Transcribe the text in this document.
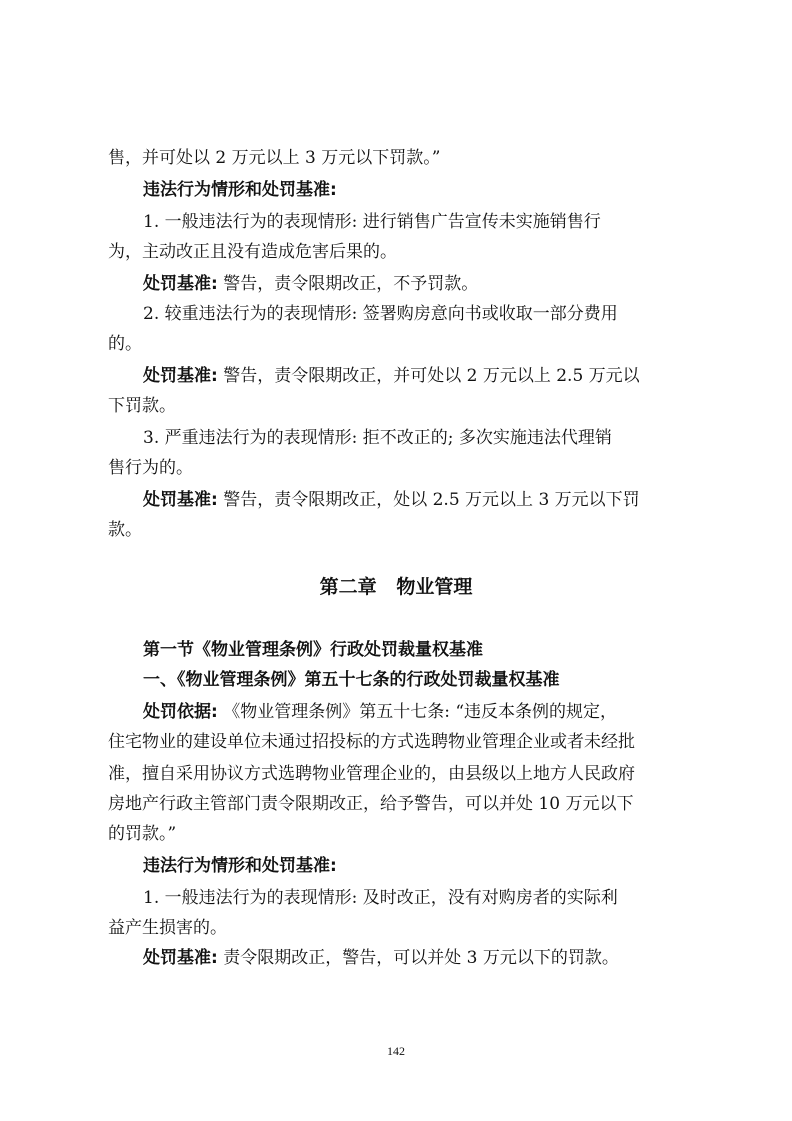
售，并可处以 2 万元以上 3 万元以下罚款。”
违法行为情形和处罚基准:
1. 一般违法行为的表现情形: 进行销售广告宣传未实施销售行
为，主动改正且没有造成危害后果的。
处罚基准: 警告，责令限期改正，不予罚款。
2. 较重违法行为的表现情形: 签署购房意向书或收取一部分费用
的。
处罚基准: 警告，责令限期改正，并可处以 2 万元以上 2.5 万元以
下罚款。
3. 严重违法行为的表现情形: 拒不改正的; 多次实施违法代理销
售行为的。
处罚基准: 警告，责令限期改正，处以 2.5 万元以上 3 万元以下罚
款。
第二章   物业管理
第一节《物业管理条例》行政处罚裁量权基准
一、《物业管理条例》第五十七条的行政处罚裁量权基准
处罚依据: 《物业管理条例》第五十七条: “违反本条例的规定，
住宅物业的建设单位未通过招投标的方式选聘物业管理企业或者未经批
准，擅自采用协议方式选聘物业管理企业的，由县级以上地方人民政府
房地产行政主管部门责令限期改正，给予警告，可以并处 10 万元以下
的罚款。”
违法行为情形和处罚基准:
1. 一般违法行为的表现情形: 及时改正，没有对购房者的实际利
益产生损害的。
处罚基准: 责令限期改正，警告，可以并处 3 万元以下的罚款。
142
